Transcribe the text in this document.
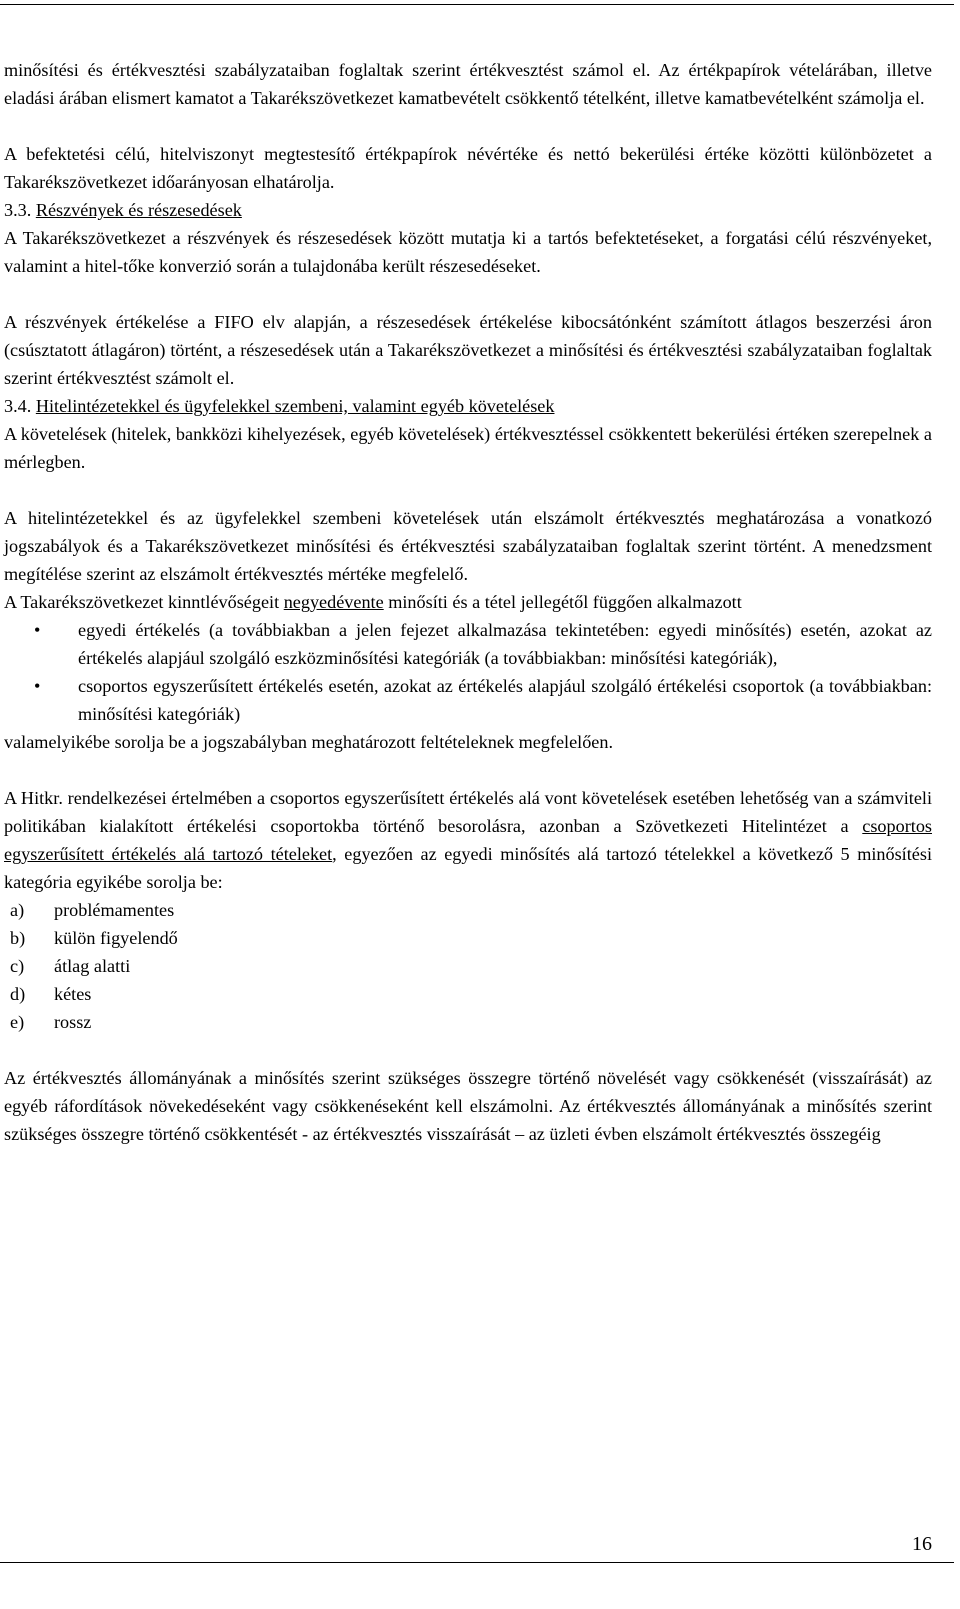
minősítési és értékvesztési szabályzataiban foglaltak szerint értékvesztést számol el. Az értékpapírok vételárában, illetve eladási árában elismert kamatot a Takarékszövetkezet kamatbevételt csökkentő tételként, illetve kamatbevételként számolja el.

A befektetési célú, hitelviszonyt megtestesítő értékpapírok névértéke és nettó bekerülési értéke közötti különbözetet a Takarékszövetkezet időarányosan elhatárolja.

3.3. Részvények és részesedések

A Takarékszövetkezet a részvények és részesedések között mutatja ki a tartós befektetéseket, a forgatási célú részvényeket, valamint a hitel-tőke konverzió során a tulajdonába került részesedéseket.

A részvények értékelése a FIFO elv alapján, a részesedések értékelése kibocsátónként számított átlagos beszerzési áron (csúsztatott átlagáron) történt, a részesedések után a Takarékszövetkezet a minősítési és értékvesztési szabályzataiban foglaltak szerint értékvesztést számolt el.

3.4. Hitelintézetekkel és ügyfelekkel szembeni, valamint egyéb követelések

A követelések (hitelek, bankközi kihelyezések, egyéb követelések) értékvesztéssel csökkentett bekerülési értéken szerepelnek a mérlegben.

A hitelintézetekkel és az ügyfelekkel szembeni követelések után elszámolt értékvesztés meghatározása a vonatkozó jogszabályok és a Takarékszövetkezet minősítési és értékvesztési szabályzataiban foglaltak szerint történt. A menedzsment megítélése szerint az elszámolt értékvesztés mértéke megfelelő.

A Takarékszövetkezet kinntlévőségeit negyedévente minősíti és a tétel jellegétől függően alkalmazott

• egyedi értékelés (a továbbiakban a jelen fejezet alkalmazása tekintetében: egyedi minősítés) esetén, azokat az értékelés alapjául szolgáló eszközminősítési kategóriák (a továbbiakban: minősítési kategóriák),
• csoportos egyszerűsített értékelés esetén, azokat az értékelés alapjául szolgáló értékelési csoportok (a továbbiakban: minősítési kategóriák)

valamelyikébe sorolja be a jogszabályban meghatározott feltételeknek megfelelően.

A Hitkr. rendelkezései értelmében a csoportos egyszerűsített értékelés alá vont követelések esetében lehetőség van a számviteli politikában kialakított értékelési csoportokba történő besorolásra, azonban a Szövetkezeti Hitelintézet a csoportos egyszerűsített értékelés alá tartozó tételeket, egyezően az egyedi minősítés alá tartozó tételekkel a következő 5 minősítési kategória egyikébe sorolja be:

a) problémamentes
b) külön figyelendő
c) átlag alatti
d) kétes
e) rossz

Az értékvesztés állományának a minősítés szerint szükséges összegre történő növelését vagy csökkenését (visszaírását) az egyéb ráfordítások növekedéseként vagy csökkenéseként kell elszámolni. Az értékvesztés állományának a minősítés szerint szükséges összegre történő csökkentését - az értékvesztés visszaírását – az üzleti évben elszámolt értékvesztés összegéig

16
